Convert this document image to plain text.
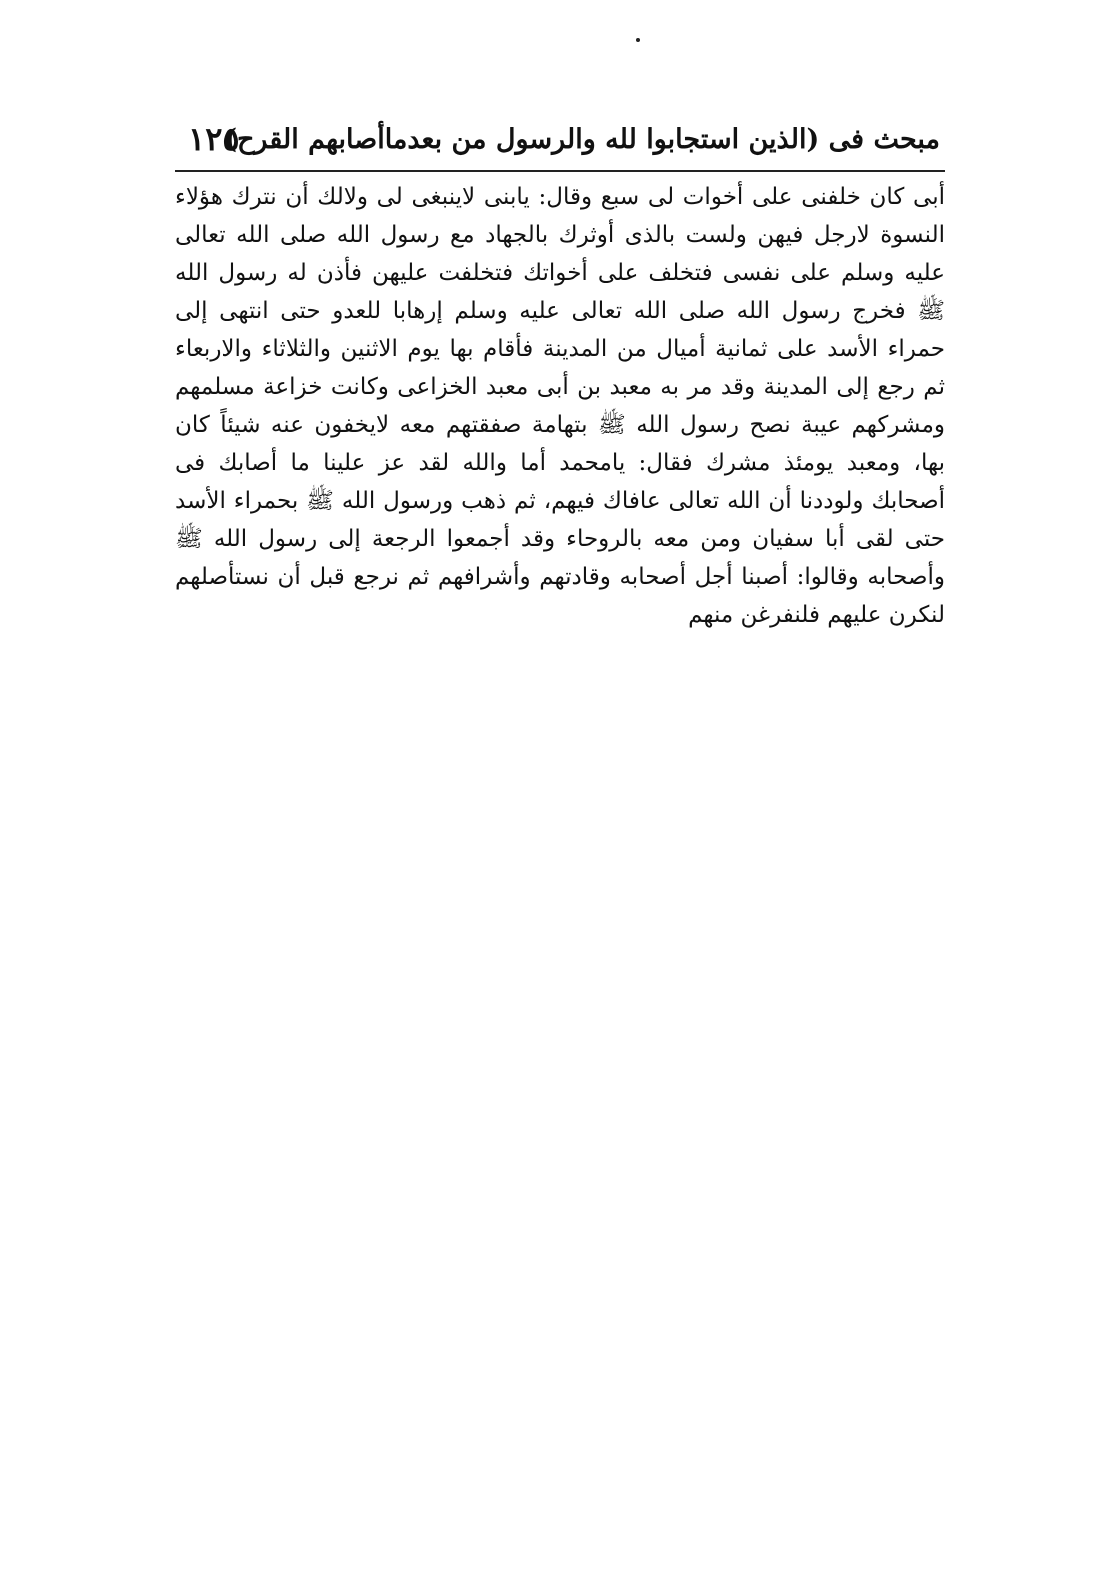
مبحث فى (الذين استجابوا لله والرسول من بعدماأصابهم القرح)
١٢٥
أبى كان خلفنى على أخوات لى سبع وقال: يابنى لاينبغى لى ولالك أن نترك هؤلاء النسوة لارجل فيهن ولست بالذى أوثرك بالجهاد مع رسول الله صلى الله تعالى عليه وسلم على نفسى فتخلف على أخواتك فتخلفت عليهن فأذن له رسول الله ﷺ فخرج رسول الله صلى الله تعالى عليه وسلم إرهابا للعدو حتى انتهى إلى حمراء الأسد على ثمانية أميال من المدينة فأقام بها يوم الاثنين والثلاثاء والاربعاء ثم رجع إلى المدينة وقد مر به معبد بن أبى معبد الخزاعى وكانت خزاعة مسلمهم ومشركهم عيبة نصح رسول الله ﷺ بتهامة صفقتهم معه لايخفون عنه شيئاً كان بها، ومعبد يومئذ مشرك فقال: يامحمد أما والله لقد عز علينا ما أصابك فى أصحابك ولوددنا أن الله تعالى عافاك فيهم، ثم ذهب ورسول الله ﷺ بحمراء الأسد حتى لقى أبا سفيان ومن معه بالروحاء وقد أجمعوا الرجعة إلى رسول الله ﷺ وأصحابه وقالوا: أصبنا أجل أصحابه وقادتهم وأشرافهم ثم نرجع قبل أن نستأصلهم لنكرن عليهم فلنفرغن منهم
